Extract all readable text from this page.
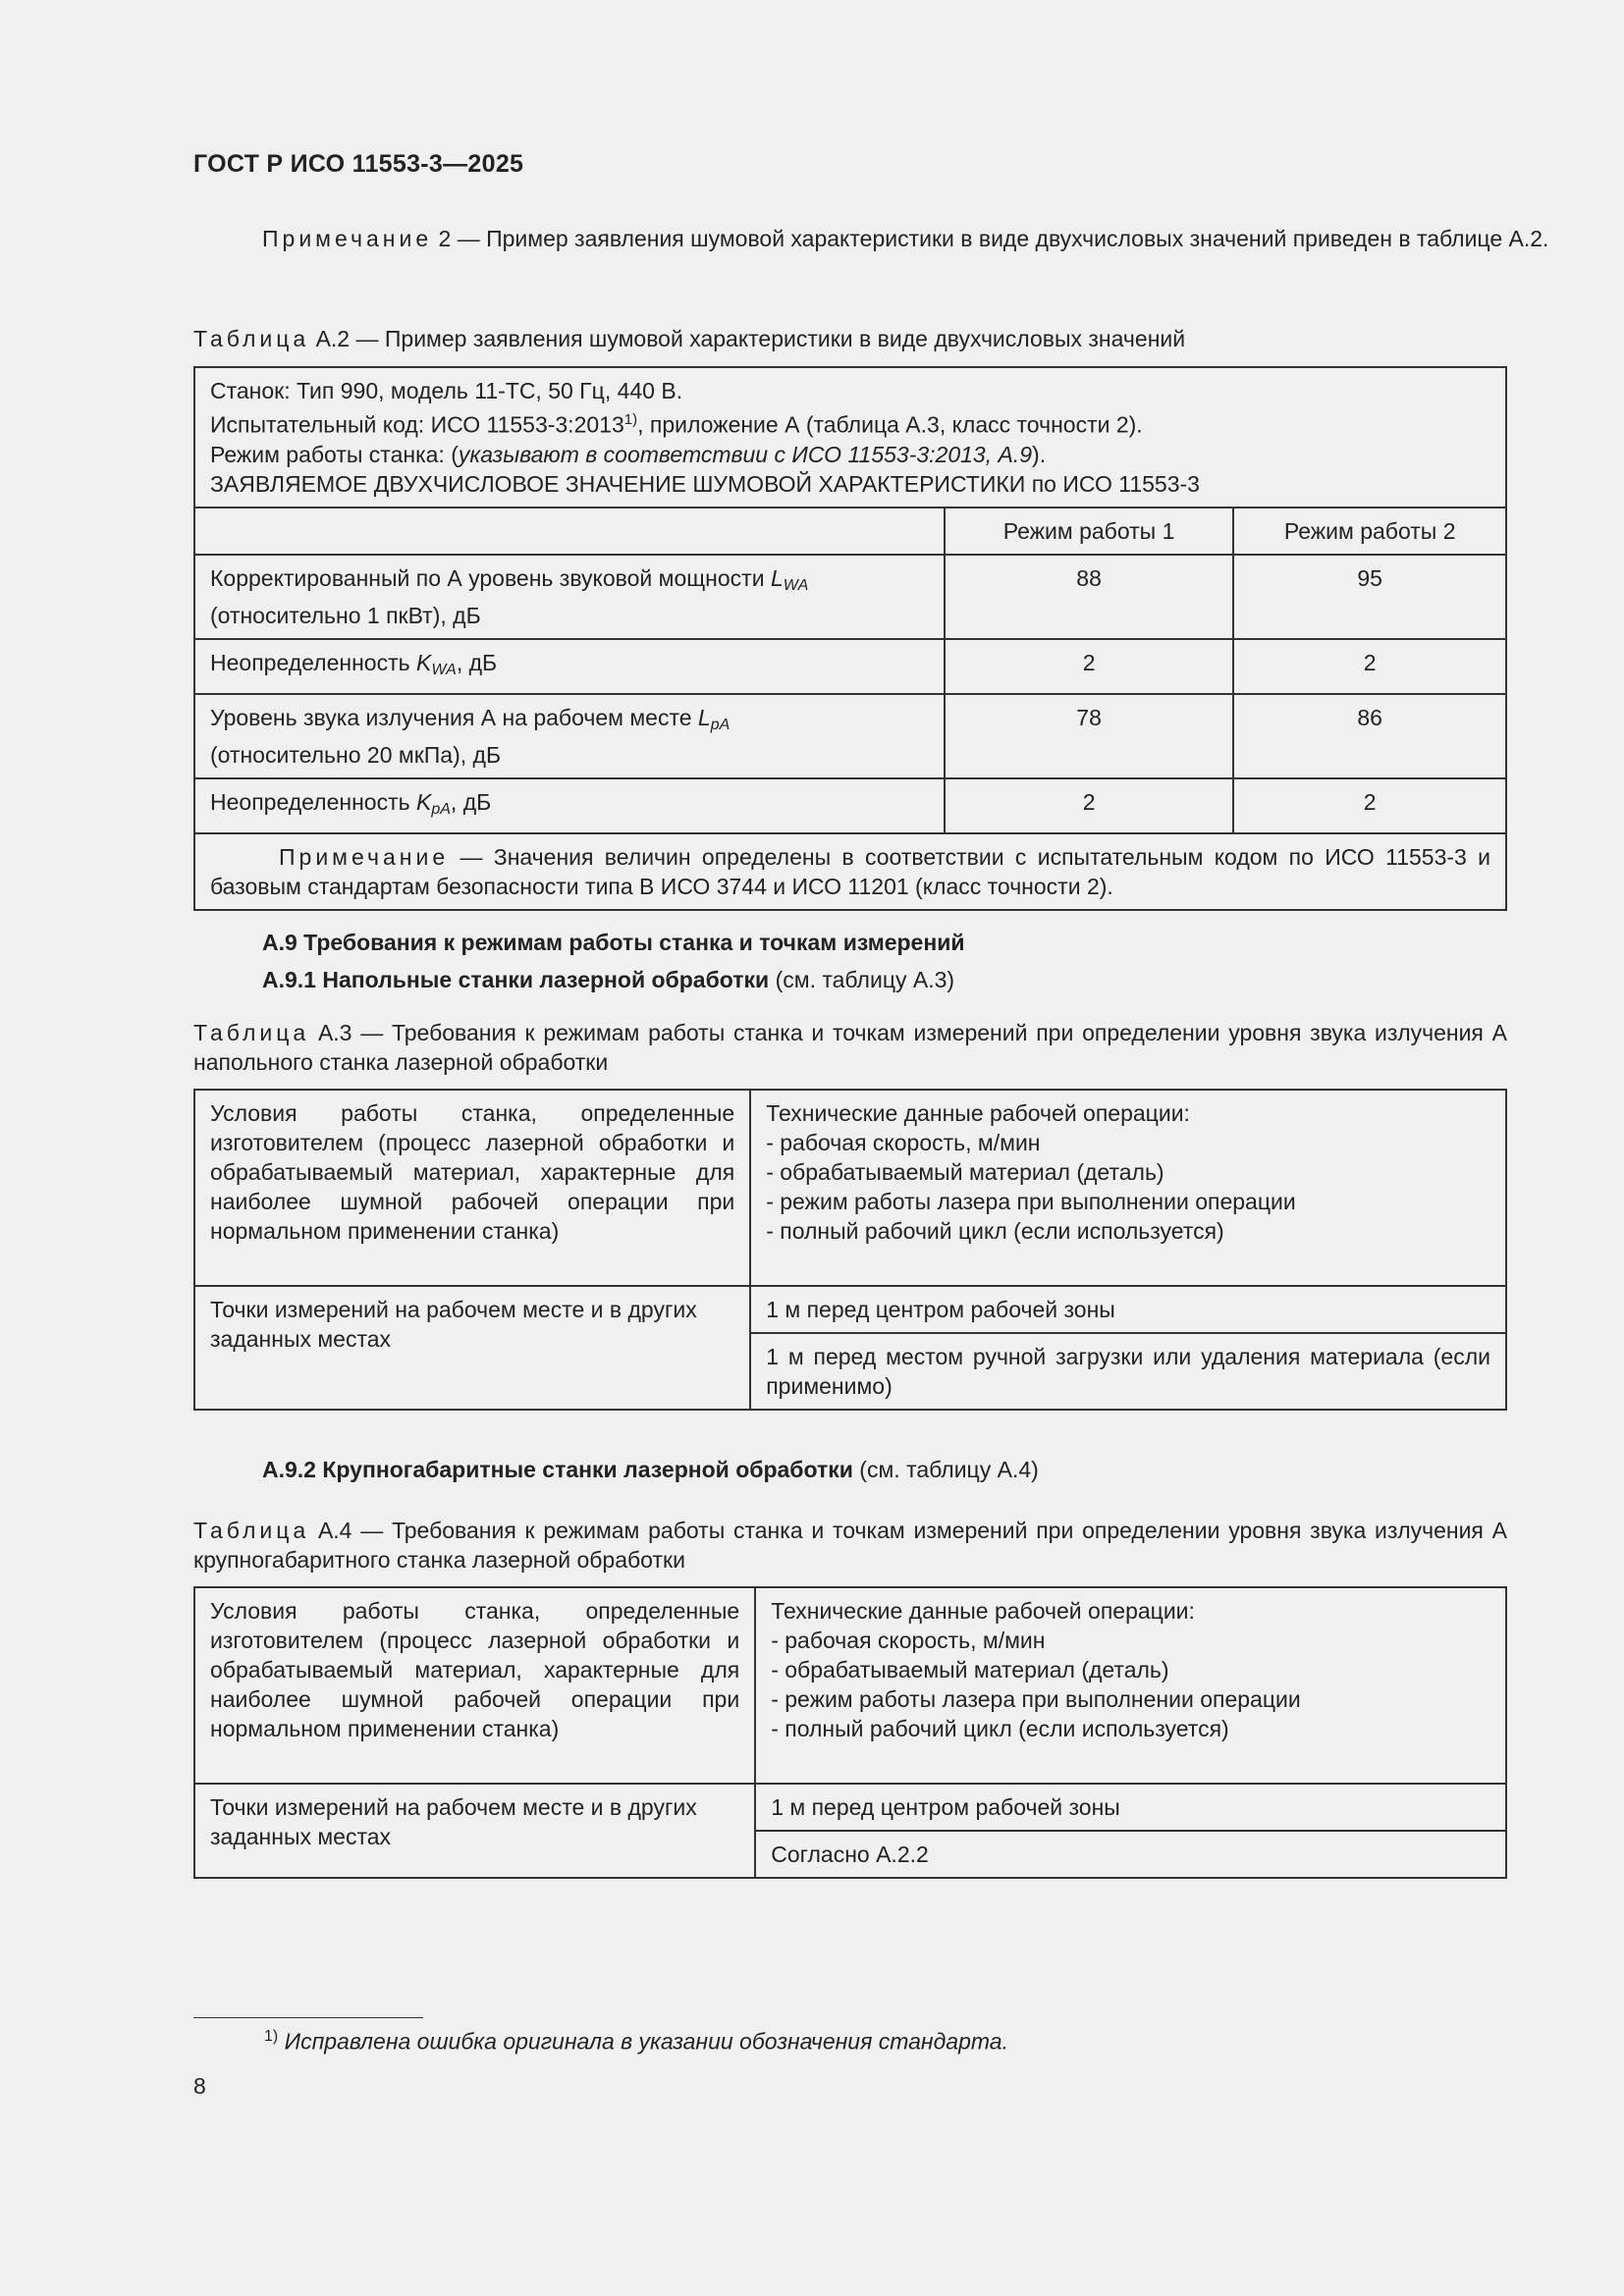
ГОСТ Р ИСО 11553-3—2025
Примечание 2 — Пример заявления шумовой характеристики в виде двухчисловых значений приведен в таблице А.2.
Таблица А.2 — Пример заявления шумовой характеристики в виде двухчисловых значений
Станок: Тип 990, модель 11-ТС, 50 Гц, 440 В.
Испытательный код: ИСО 11553-3:2013$^{1)}$, приложение А (таблица А.3, класс точности 2).
Режим работы станка: (указывают в соответствии с ИСО 11553-3:2013, А.9).
ЗАЯВЛЯЕМОЕ ДВУХЧИСЛОВОЕ ЗНАЧЕНИЕ ШУМОВОЙ ХАРАКТЕРИСТИКИ по ИСО 11553-3		

	Режим работы 1	Режим работы 2
Корректированный по А уровень звуковой мощности $L_{WA}$
(относительно 1 пкВт), дБ	88	95
Неопределенность $K_{WA}$, дБ	2	2
Уровень звука излучения А на рабочем месте $L_{pA}$
(относительно 20 мкПа), дБ	78	86
Неопределенность $K_{pA}$, дБ	2	2
Примечание — Значения величин определены в соответствии с испытательным кодом по ИСО 11553-3 и базовым стандартам безопасности типа В ИСО 3744 и ИСО 11201 (класс точности 2).		
А.9 Требования к режимам работы станка и точкам измерений
А.9.1 Напольные станки лазерной обработки (см. таблицу А.3)
Таблица А.3 — Требования к режимам работы станка и точкам измерений при определении уровня звука излучения А напольного станка лазерной обработки
Условия работы станка, определенные изготовителем (процесс лазерной обработки и обрабатываемый материал, характерные для наиболее шумной рабочей операции при нормальном применении станка)	Технические данные рабочей операции:
- рабочая скорость, м/мин
- обрабатываемый материал (деталь)
- режим работы лазера при выполнении операции
- полный рабочий цикл (если используется)

Точки измерений на рабочем месте и в других заданных местах	1 м перед центром рабочей зоны
	1 м перед местом ручной загрузки или удаления материала (если применимо)
А.9.2 Крупногабаритные станки лазерной обработки (см. таблицу А.4)
Таблица А.4 — Требования к режимам работы станка и точкам измерений при определении уровня звука излучения А крупногабаритного станка лазерной обработки
Условия работы станка, определенные изготовителем (процесс лазерной обработки и обрабатываемый материал, характерные для наиболее шумной рабочей операции при нормальном применении станка)	Технические данные рабочей операции:
- рабочая скорость, м/мин
- обрабатываемый материал (деталь)
- режим работы лазера при выполнении операции
- полный рабочий цикл (если используется)

Точки измерений на рабочем месте и в других заданных местах	1 м перед центром рабочей зоны
	Согласно А.2.2
$^{1)}$ Исправлена ошибка оригинала в указании обозначения стандарта.
8
